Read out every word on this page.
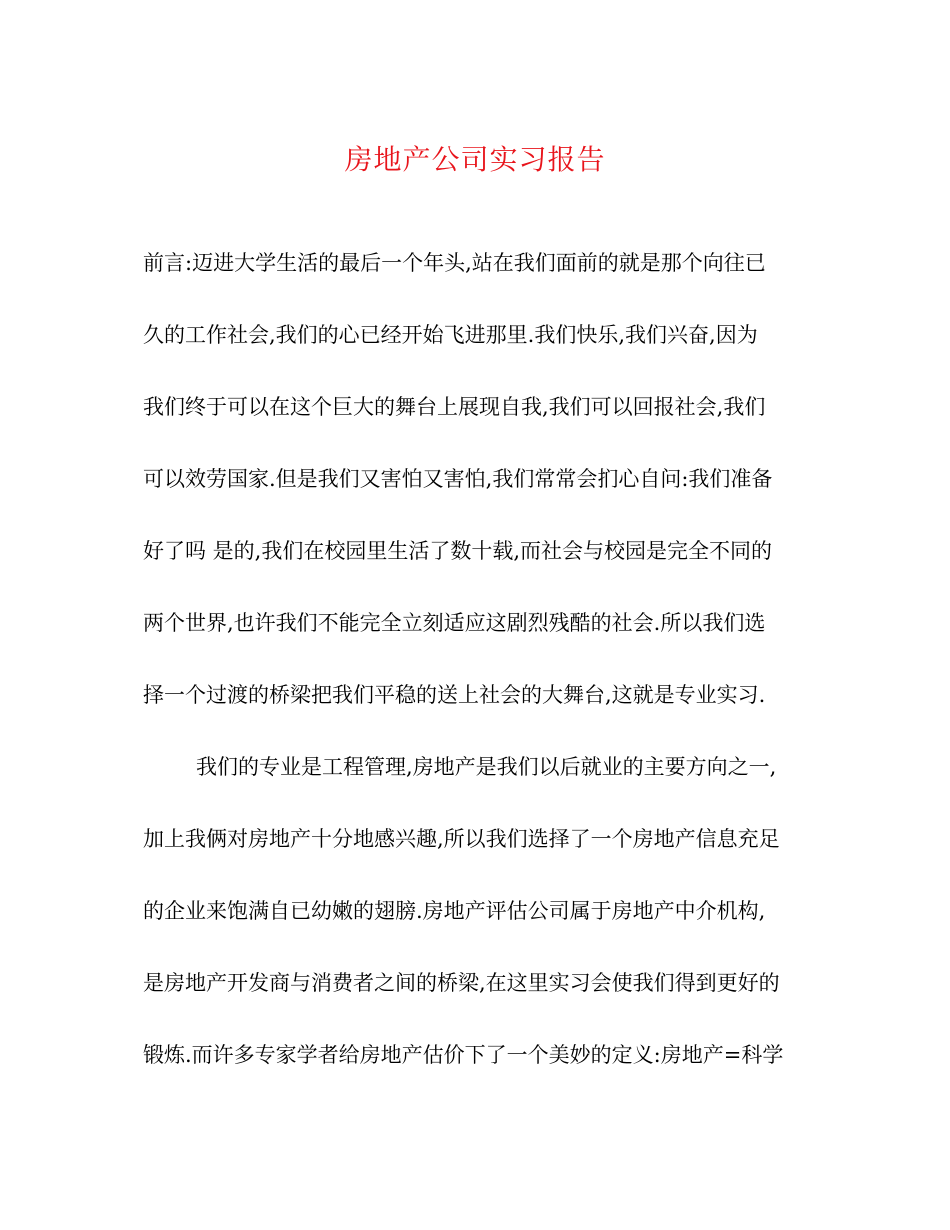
房地产公司实习报告
前言:迈进大学生活的最后一个年头,站在我们面前的就是那个向往已
久的工作社会,我们的心已经开始飞进那里.我们快乐,我们兴奋,因为
我们终于可以在这个巨大的舞台上展现自我,我们可以回报社会,我们
可以效劳国家.但是我们又害怕又害怕,我们常常会扪心自问:我们准备
好了吗 是的,我们在校园里生活了数十载,而社会与校园是完全不同的
两个世界,也许我们不能完全立刻适应这剧烈残酷的社会.所以我们选
择一个过渡的桥梁把我们平稳的送上社会的大舞台,这就是专业实习.
我们的专业是工程管理,房地产是我们以后就业的主要方向之一,
加上我俩对房地产十分地感兴趣,所以我们选择了一个房地产信息充足
的企业来饱满自已幼嫩的翅膀.房地产评估公司属于房地产中介机构,
是房地产开发商与消费者之间的桥梁,在这里实习会使我们得到更好的
锻炼.而许多专家学者给房地产估价下了一个美妙的定义:房地产=科学
